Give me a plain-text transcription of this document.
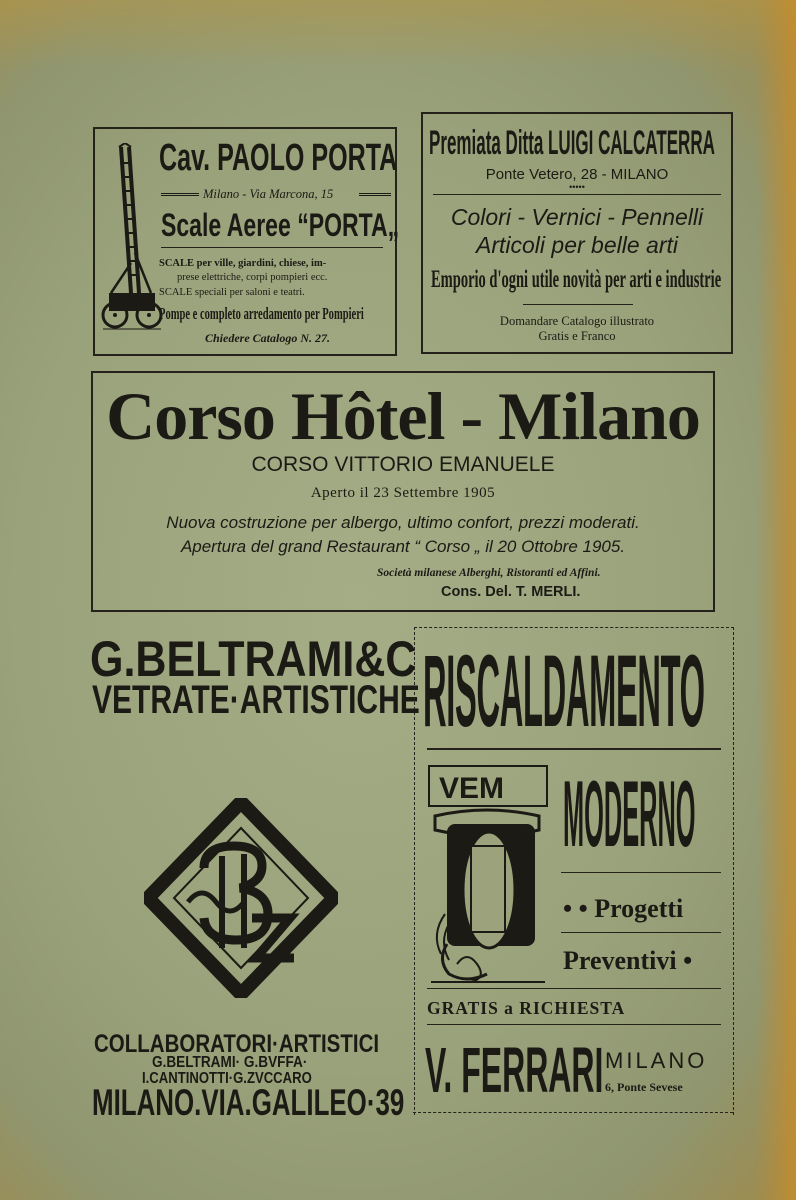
Cav. PAOLO PORTA
Milano - Via Marcona, 15
Scale Aeree “PORTA„
SCALE per ville, giardini, chiese, im-
prese elettriche, corpi pompieri ecc.
SCALE speciali per saloni e teatri.
Pompe e completo arredamento per Pompieri
Chiedere Catalogo N. 27.
Premiata Ditta LUIGI CALCATERRA
Ponte Vetero, 28 - MILANO
•••••
Colori - Vernici - Pennelli
Articoli per belle arti
Emporio d'ogni utile novità per arti e industrie
Domandare Catalogo illustrato
Gratis e Franco
Corso Hôtel - Milano
CORSO VITTORIO EMANUELE
Aperto il 23 Settembre 1905
Nuova costruzione per albergo, ultimo confort, prezzi moderati.
Apertura del grand Restaurant “ Corso „ il 20 Ottobre 1905.
Società milanese Alberghi, Ristoranti ed Affini.
Cons. Del. T. MERLI.
G.BELTRAMI&C
VETRATE·ARTISTICHE
COLLABORATORI·ARTISTICI
G.BELTRAMI· G.BVFFA·
I.CANTINOTTI·G.ZVCCARO
MILANO.VIA.GALILEO·39
RISCALDAMENTO
VEM MODERNO
• • Progetti
Preventivi •
GRATIS a RICHIESTA
V. FERRARI MILANO
6, Ponte Sevese
